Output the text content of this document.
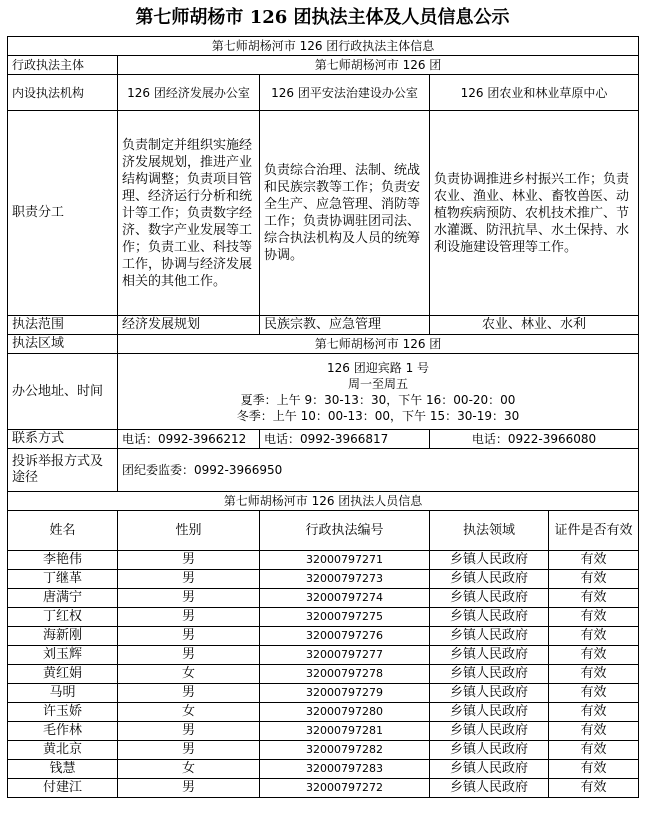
第七师胡杨市 126 团执法主体及人员信息公示
第七师胡杨河市 126 团行政执法主体信息				
行政执法主体	第七师胡杨河市 126 团			
内设执法机构	126 团经济发展办公室	126 团平安法治建设办公室	126 团农业和林业草原中心	
职责分工	负责制定并组织实施经济发展规划，推进产业结构调整；负责项目管理、经济运行分析和统计等工作；负责数字经济、数字产业发展等工作；负责工业、科技等工作，协调与经济发展相关的其他工作。	负责综合治理、法制、统战和民族宗教等工作；负责安全生产、应急管理、消防等工作；负责协调驻团司法、综合执法机构及人员的统筹协调。	负责协调推进乡村振兴工作；负责农业、渔业、林业、畜牧兽医、动植物疾病预防、农机技术推广、节水灌溉、防汛抗旱、水土保持、水利设施建设管理等工作。	
执法范围	经济发展规划	民族宗教、应急管理	农业、林业、水利	
执法区域	第七师胡杨河市 126 团			
办公地址、时间	126 团迎宾路 1 号
周一至周五
夏季：上午 9：30-13：30，下午 16：00-20：00
冬季：上午 10：00-13：00，下午 15：30-19：30			

联系方式	电话：0992-3966212	电话：0992-3966817	电话：0922-3966080	
投诉举报方式及途径	团纪委监委：0992-3966950			
第七师胡杨河市 126 团执法人员信息				
姓名	性别	行政执法编号	执法领域	证件是否有效
李艳伟	男	32000797271	乡镇人民政府	有效
丁继革	男	32000797273	乡镇人民政府	有效
唐满宁	男	32000797274	乡镇人民政府	有效
丁红权	男	32000797275	乡镇人民政府	有效
海新刚	男	32000797276	乡镇人民政府	有效
刘玉辉	男	32000797277	乡镇人民政府	有效
黄红娟	女	32000797278	乡镇人民政府	有效
马明	男	32000797279	乡镇人民政府	有效
许玉娇	女	32000797280	乡镇人民政府	有效
毛作林	男	32000797281	乡镇人民政府	有效
黄北京	男	32000797282	乡镇人民政府	有效
钱慧	女	32000797283	乡镇人民政府	有效
付建江	男	32000797272	乡镇人民政府	有效
